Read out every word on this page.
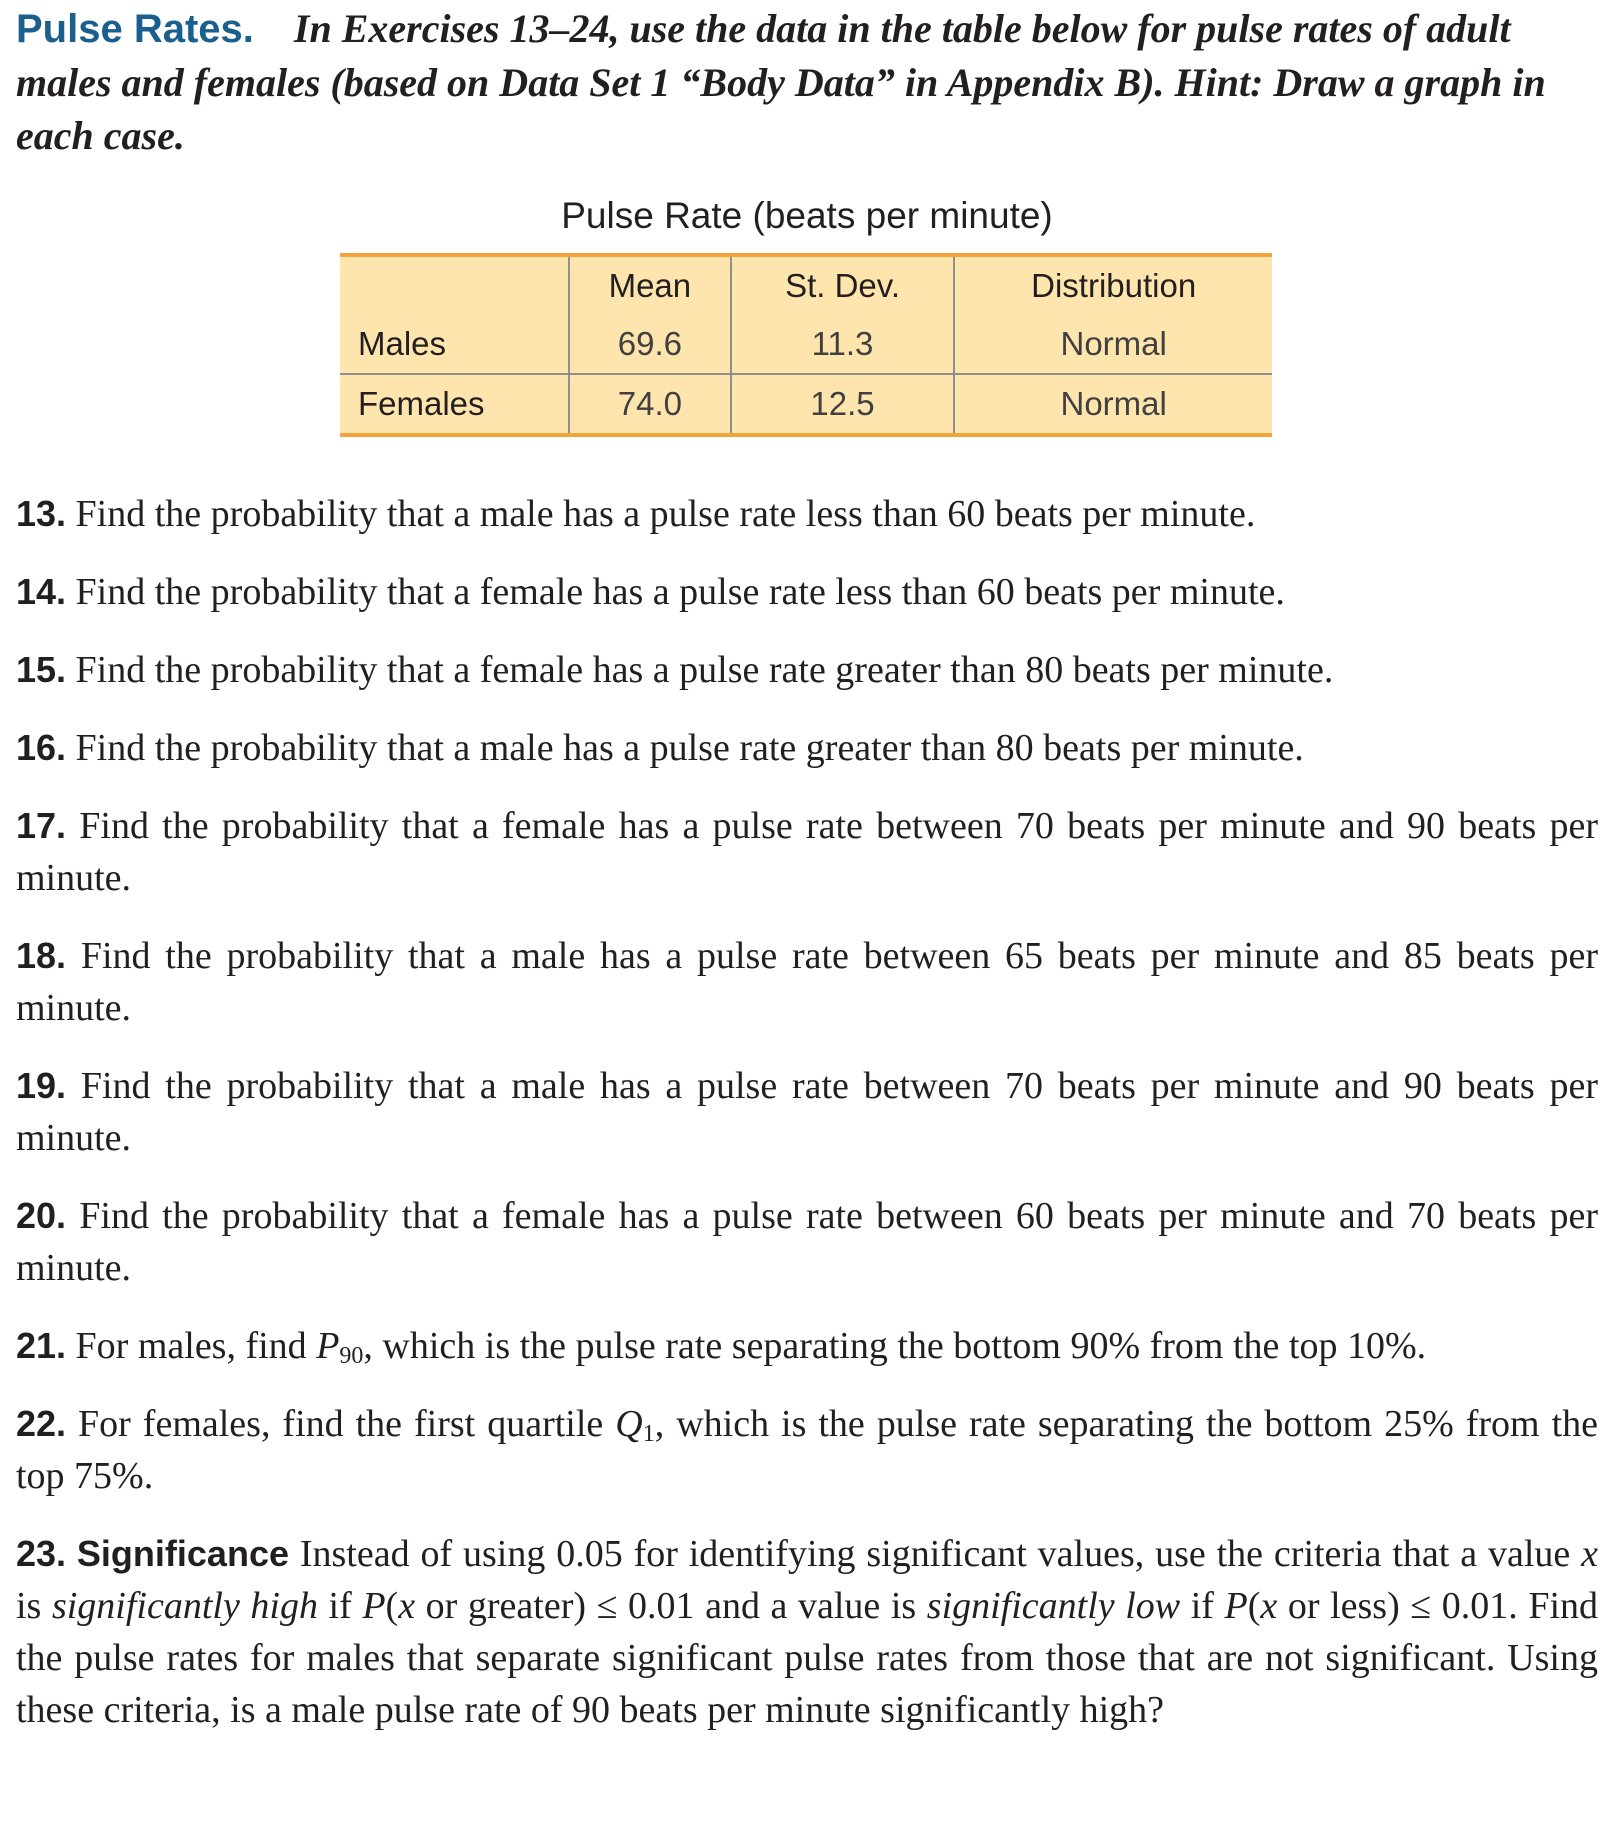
Pulse Rates. In Exercises 13–24, use the data in the table below for pulse rates of adult males and females (based on Data Set 1 “Body Data” in Appendix B). Hint: Draw a graph in each case.

Pulse Rate (beats per minute)
	Mean	St. Dev.	Distribution
Males	69.6	11.3	Normal
Females	74.0	12.5	Normal

13. Find the probability that a male has a pulse rate less than 60 beats per minute.

14. Find the probability that a female has a pulse rate less than 60 beats per minute.

15. Find the probability that a female has a pulse rate greater than 80 beats per minute.

16. Find the probability that a male has a pulse rate greater than 80 beats per minute.

17. Find the probability that a female has a pulse rate between 70 beats per minute and 90 beats per minute.

18. Find the probability that a male has a pulse rate between 65 beats per minute and 85 beats per minute.

19. Find the probability that a male has a pulse rate between 70 beats per minute and 90 beats per minute.

20. Find the probability that a female has a pulse rate between 60 beats per minute and 70 beats per minute.

21. For males, find $P_{90}$, which is the pulse rate separating the bottom 90% from the top 10%.

22. For females, find the first quartile $Q_1$, which is the pulse rate separating the bottom 25% from the top 75%.

23. Significance Instead of using 0.05 for identifying significant values, use the criteria that a value x is significantly high if P(x or greater) ≤ 0.01 and a value is significantly low if P(x or less) ≤ 0.01. Find the pulse rates for males that separate significant pulse rates from those that are not significant. Using these criteria, is a male pulse rate of 90 beats per minute significantly high?
